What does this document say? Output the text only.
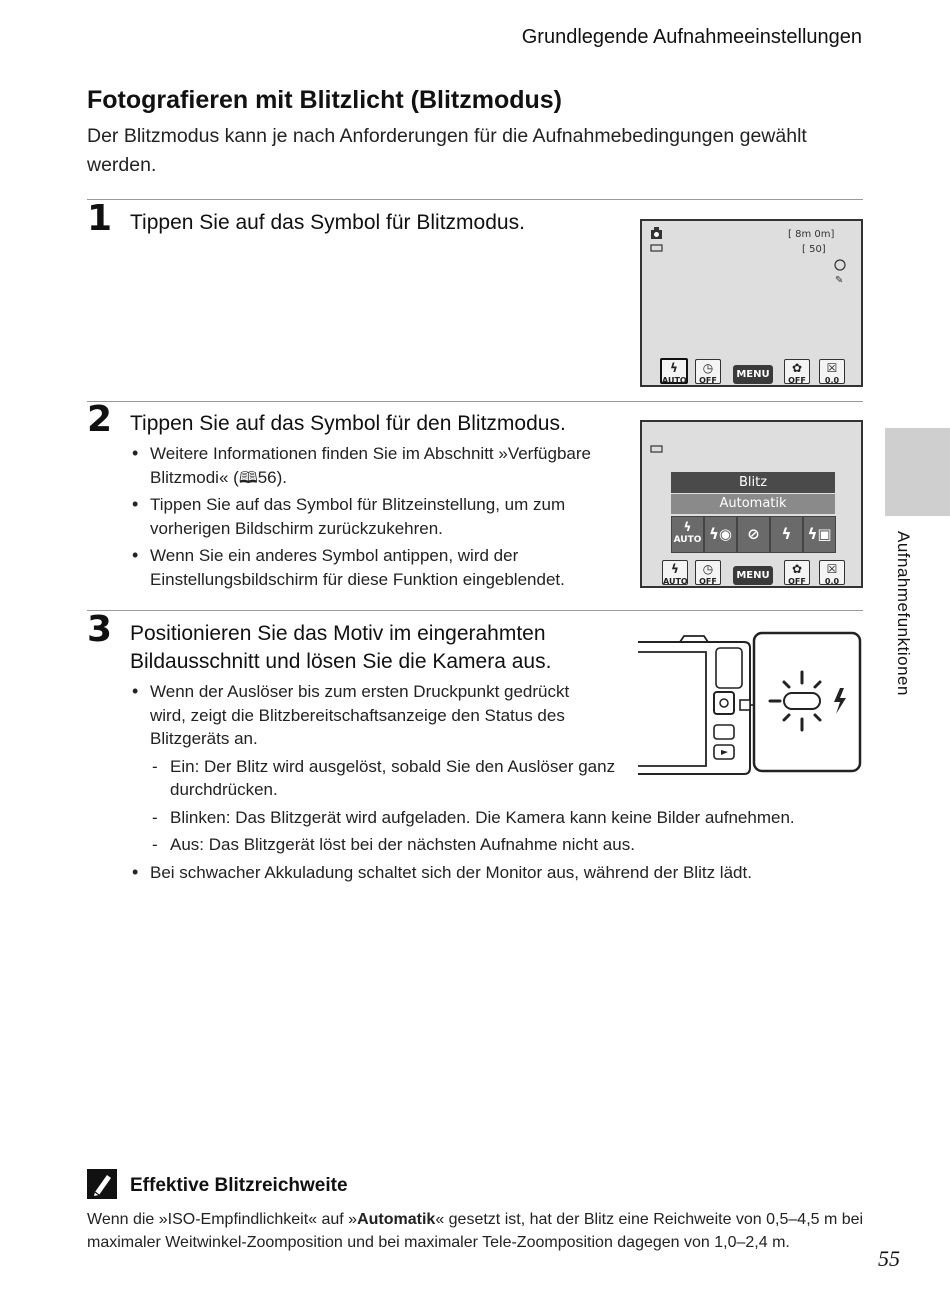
Grundlegende Aufnahmeeinstellungen
Fotografieren mit Blitzlicht (Blitzmodus)
Der Blitzmodus kann je nach Anforderungen für die Aufnahmebedingungen gewählt werden.
1 Tippen Sie auf das Symbol für Blitzmodus.
[ 8m 0m]
[ 50]
✎
ϟ
AUTO
◷
OFF
MENU	✿
OFF
☒
0.0
2 Tippen Sie auf das Symbol für den Blitzmodus.
• Weitere Informationen finden Sie im Abschnitt »Verfügbare Blitzmodi« (🕮56).
• Tippen Sie auf das Symbol für Blitzeinstellung, um zum vorherigen Bildschirm zurückzukehren.
• Wenn Sie ein anderes Symbol antippen, wird der Einstellungsbildschirm für diese Funktion eingeblendet.
Blitz
Automatik
ϟ
AUTO ϟ◉	⊘	ϟ	ϟ▣
ϟ
AUTO
◷
OFF
MENU	✿
OFF
☒
0.0
3 Positionieren Sie das Motiv im eingerahmten Bildausschnitt und lösen Sie die Kamera aus.
• Wenn der Auslöser bis zum ersten Druckpunkt gedrückt wird, zeigt die Blitzbereitschaftsanzeige den Status des Blitzgeräts an.
- Ein: Der Blitz wird ausgelöst, sobald Sie den Auslöser ganz durchdrücken.
- Blinken: Das Blitzgerät wird aufgeladen. Die Kamera kann keine Bilder aufnehmen.
- Aus: Das Blitzgerät löst bei der nächsten Aufnahme nicht aus.
• Bei schwacher Akkuladung schaltet sich der Monitor aus, während der Blitz lädt.
Aufnahmefunktionen
Effektive Blitzreichweite
Wenn die »ISO-Empfindlichkeit« auf »Automatik« gesetzt ist, hat der Blitz eine Reichweite von 0,5–4,5 m bei maximaler Weitwinkel-Zoomposition und bei maximaler Tele-Zoomposition dagegen von 1,0–2,4 m.
55
